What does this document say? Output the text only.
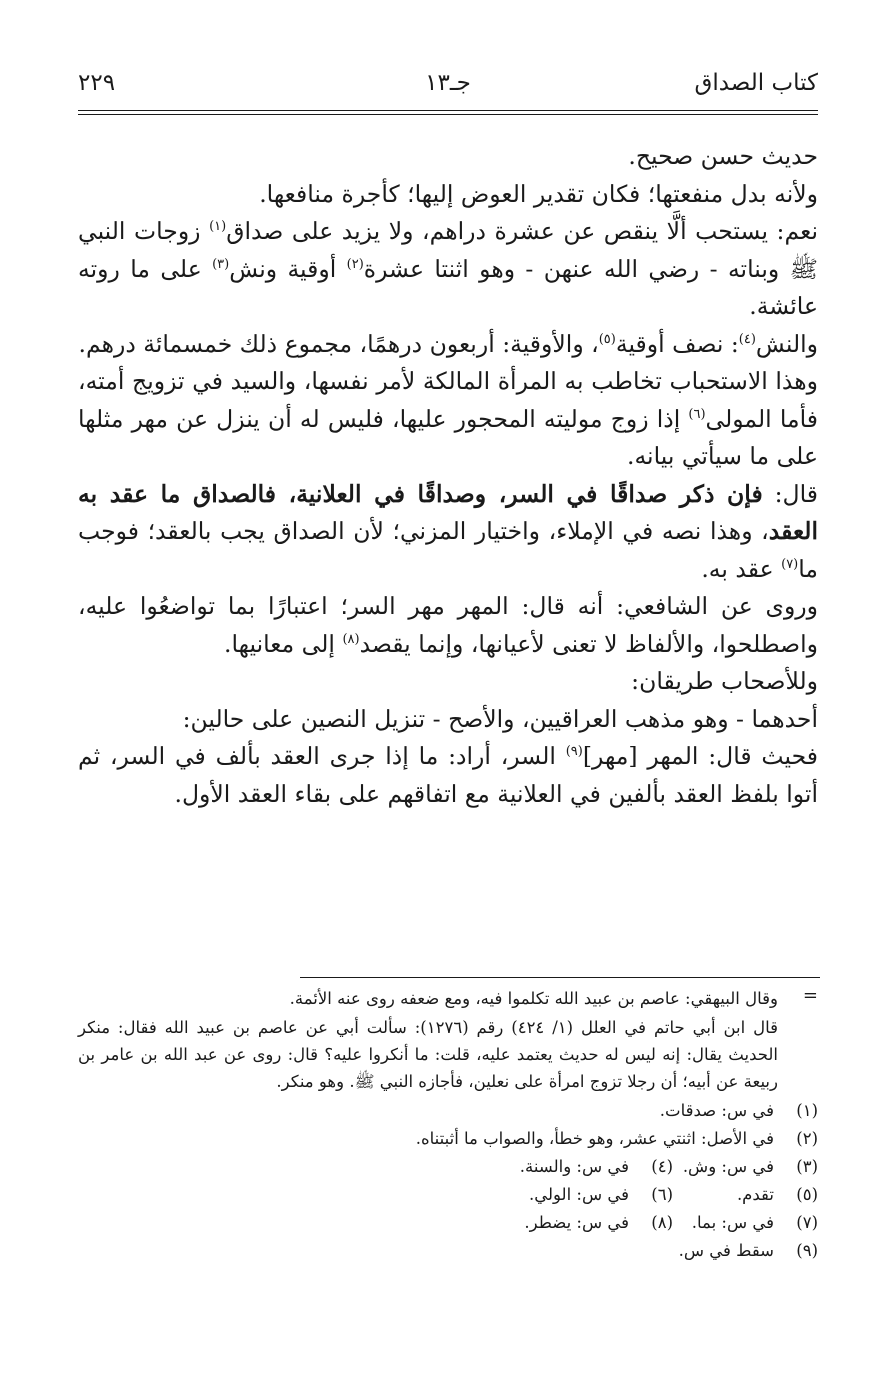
كتاب الصداق
جـ١٣
٢٢٩

حديث حسن صحيح.

ولأنه بدل منفعتها؛ فكان تقدير العوض إليها؛ كأجرة منافعها.

نعم: يستحب ألَّا ينقص عن عشرة دراهم، ولا يزيد على صداق$^{(١)}$ زوجات النبي ﷺ وبناته - رضي الله عنهن - وهو اثنتا عشرة$^{(٢)}$ أوقية ونش$^{(٣)}$ على ما روته عائشة.

والنش$^{(٤)}$: نصف أوقية$^{(٥)}$، والأوقية: أربعون درهمًا، مجموع ذلك خمسمائة درهم.

وهذا الاستحباب تخاطب به المرأة المالكة لأمر نفسها، والسيد في تزويج أمته، فأما المولى$^{(٦)}$ إذا زوج موليته المحجور عليها، فليس له أن ينزل عن مهر مثلها على ما سيأتي بيانه.

قال: فإن ذكر صداقًا في السر، وصداقًا في العلانية، فالصداق ما عقد به العقد، وهذا نصه في الإملاء، واختيار المزني؛ لأن الصداق يجب بالعقد؛ فوجب ما$^{(٧)}$ عقد به.

وروى عن الشافعي: أنه قال: المهر مهر السر؛ اعتبارًا بما تواضعُوا عليه، واصطلحوا، والألفاظ لا تعنى لأعيانها، وإنما يقصد$^{(٨)}$ إلى معانيها.

وللأصحاب طريقان:

أحدهما - وهو مذهب العراقيين، والأصح - تنزيل النصين على حالين:

فحيث قال: المهر [مهر]$^{(٩)}$ السر، أراد: ما إذا جرى العقد بألف في السر، ثم أتوا بلفظ العقد بألفين في العلانية مع اتفاقهم على بقاء العقد الأول.

=

وقال البيهقي: عاصم بن عبيد الله تكلموا فيه، ومع ضعفه روى عنه الأئمة.

قال ابن أبي حاتم في العلل (١/ ٤٢٤) رقم (١٢٧٦): سألت أبي عن عاصم بن عبيد الله فقال: منكر الحديث يقال: إنه ليس له حديث يعتمد عليه، قلت: ما أنكروا عليه؟ قال: روى عن عبد الله بن عامر بن ربيعة عن أبيه؛ أن رجلا تزوج امرأة على نعلين، فأجازه النبي ﷺ. وهو منكر.

(١)
في س: صدقات.
(٢)
في الأصل: اثنتي عشر، وهو خطأ، والصواب ما أثبتناه.
(٣)
في س: وش.
(٤)
في س: والسنة.
(٥)
تقدم.
(٦)
في س: الولي.
(٧)
في س: بما.
(٨)
في س: يضطر.
(٩)
سقط في س.
